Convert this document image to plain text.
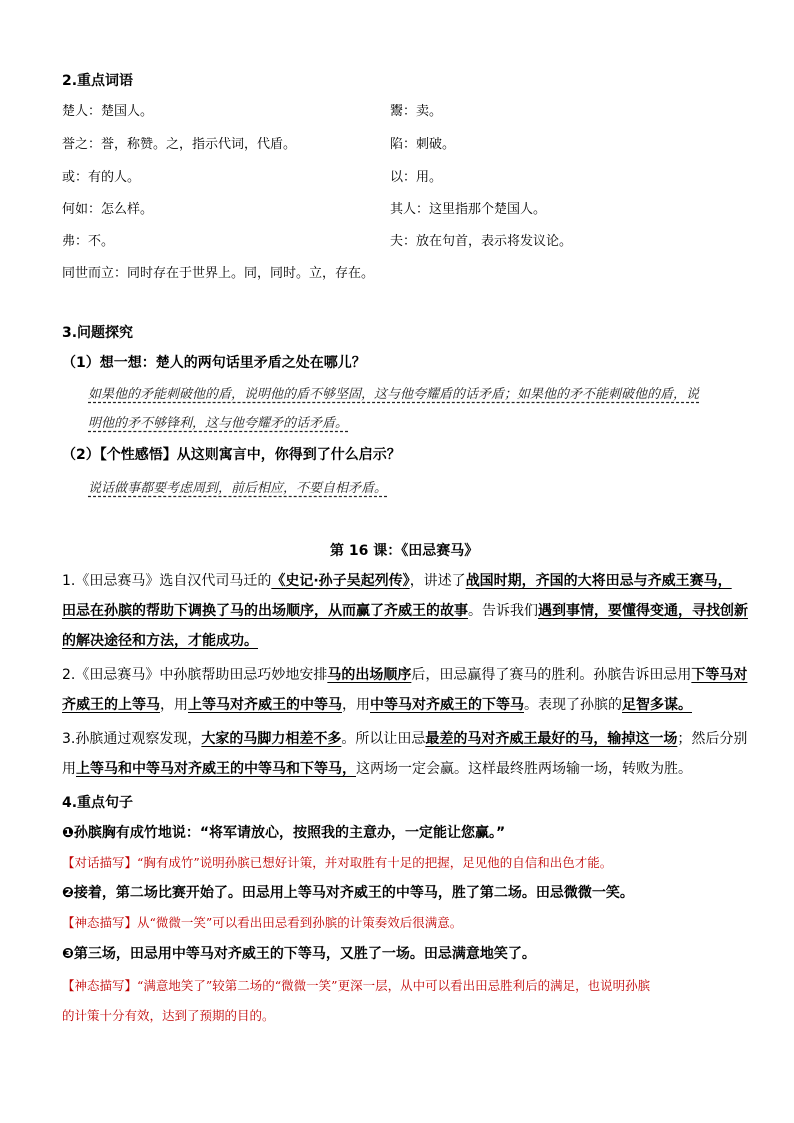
2.重点词语
楚人：楚国人。
誉之：誉，称赞。之，指示代词，代盾。
或：有的人。
何如：怎么样。
弗：不。
鬻：卖。
陷：刺破。
以：用。
其人：这里指那个楚国人。
夫：放在句首，表示将发议论。
同世而立：同时存在于世界上。同，同时。立，存在。
3.问题探究
（1）想一想：楚人的两句话里矛盾之处在哪儿？
如果他的矛能刺破他的盾，说明他的盾不够坚固，这与他夸耀盾的话矛盾；如果他的矛不能刺破他的盾，说
明他的矛不够锋利，这与他夸耀矛的话矛盾。
（2）【个性感悟】从这则寓言中，你得到了什么启示？
说话做事都要考虑周到，前后相应，不要自相矛盾。
第 16 课：《田忌赛马》
1.《田忌赛马》选自汉代司马迁的《史记·孙子吴起列传》，讲述了战国时期，齐国的大将田忌与齐威王赛马，
田忌在孙膑的帮助下调换了马的出场顺序，从而赢了齐威王的故事。告诉我们遇到事情，要懂得变通，寻找创新
的解决途径和方法，才能成功。
2.《田忌赛马》中孙膑帮助田忌巧妙地安排马的出场顺序后，田忌赢得了赛马的胜利。孙膑告诉田忌用下等马对
齐威王的上等马，用上等马对齐威王的中等马，用中等马对齐威王的下等马。表现了孙膑的足智多谋。
3.孙膑通过观察发现，大家的马脚力相差不多。所以让田忌最差的马对齐威王最好的马，输掉这一场；然后分别
用上等马和中等马对齐威王的中等马和下等马，这两场一定会赢。这样最终胜两场输一场，转败为胜。
4.重点句子
❶孙膑胸有成竹地说：“将军请放心，按照我的主意办，一定能让您赢。”
【对话描写】“胸有成竹”说明孙膑已想好计策，并对取胜有十足的把握，足见他的自信和出色才能。
❷接着，第二场比赛开始了。田忌用上等马对齐威王的中等马，胜了第二场。田忌微微一笑。
【神态描写】从“微微一笑”可以看出田忌看到孙膑的计策奏效后很满意。
❸第三场，田忌用中等马对齐威王的下等马，又胜了一场。田忌满意地笑了。
【神态描写】“满意地笑了”较第二场的“微微一笑”更深一层，从中可以看出田忌胜利后的满足，也说明孙膑
的计策十分有效，达到了预期的目的。
